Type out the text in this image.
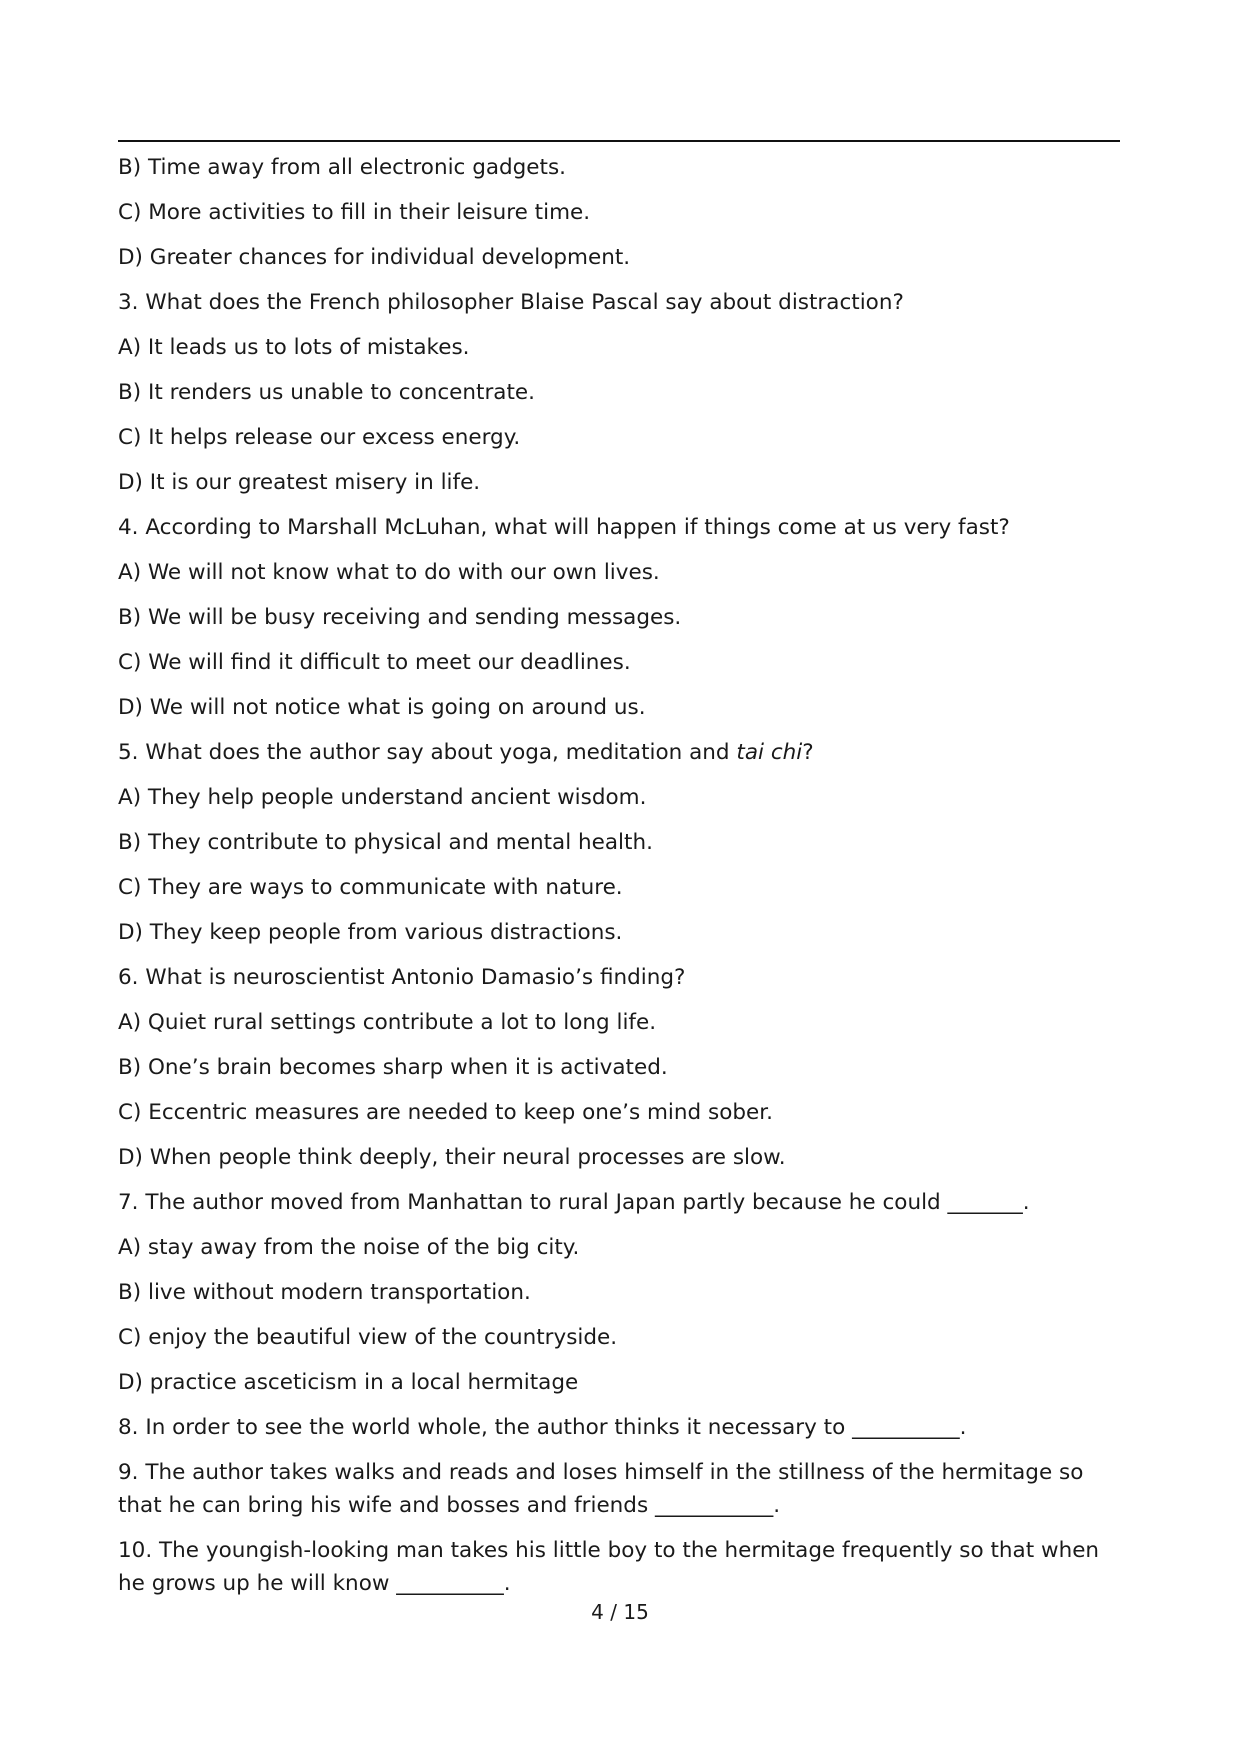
B) Time away from all electronic gadgets.
C) More activities to fill in their leisure time.
D) Greater chances for individual development.
3. What does the French philosopher Blaise Pascal say about distraction?
A) It leads us to lots of mistakes.
B) It renders us unable to concentrate.
C) It helps release our excess energy.
D) It is our greatest misery in life.
4. According to Marshall McLuhan, what will happen if things come at us very fast?
A) We will not know what to do with our own lives.
B) We will be busy receiving and sending messages.
C) We will find it difficult to meet our deadlines.
D) We will not notice what is going on around us.
5. What does the author say about yoga, meditation and tai chi?
A) They help people understand ancient wisdom.
B) They contribute to physical and mental health.
C) They are ways to communicate with nature.
D) They keep people from various distractions.
6. What is neuroscientist Antonio Damasio’s finding?
A) Quiet rural settings contribute a lot to long life.
B) One’s brain becomes sharp when it is activated.
C) Eccentric measures are needed to keep one’s mind sober.
D) When people think deeply, their neural processes are slow.
7. The author moved from Manhattan to rural Japan partly because he could _______.
A) stay away from the noise of the big city.
B) live without modern transportation.
C) enjoy the beautiful view of the countryside.
D) practice asceticism in a local hermitage
8. In order to see the world whole, the author thinks it necessary to __________.
9. The author takes walks and reads and loses himself in the stillness of the hermitage so that he can bring his wife and bosses and friends ___________.
10. The youngish-looking man takes his little boy to the hermitage frequently so that when he grows up he will know __________.
4 / 15
